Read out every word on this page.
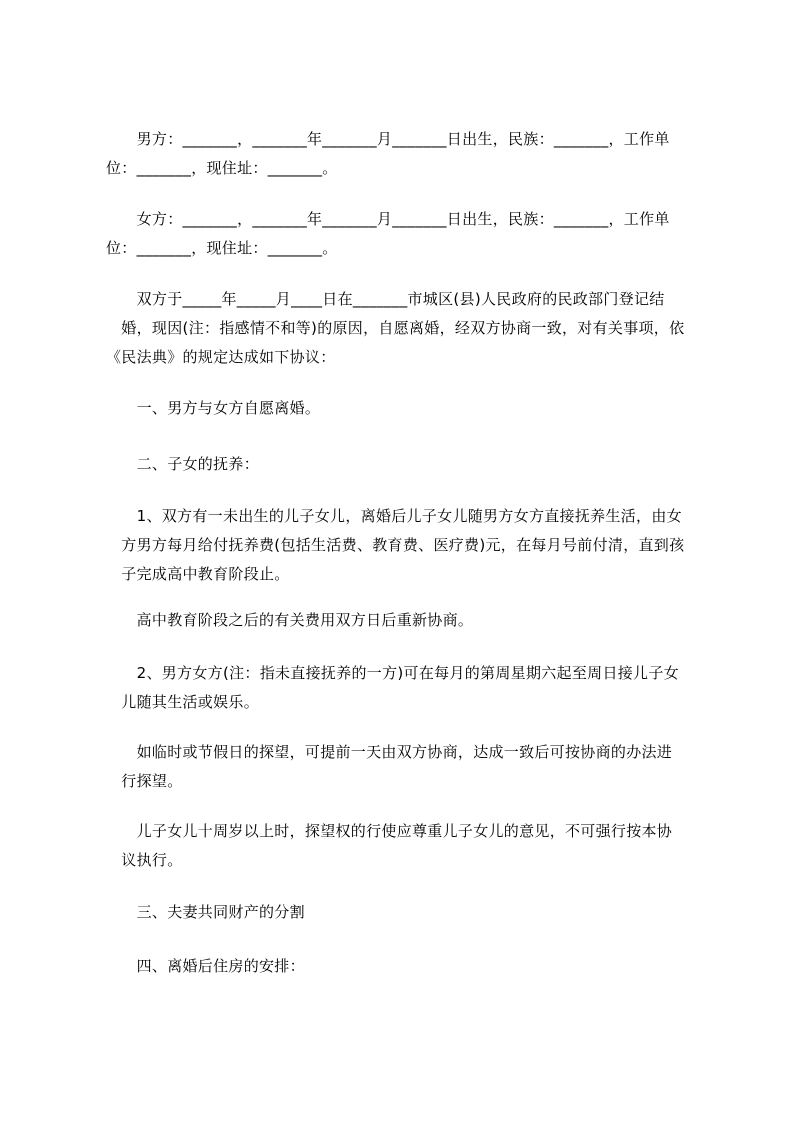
　　男方：_______，_______年_______月_______日出生，民族：_______，工作单
位：_______，现住址：_______。
　　女方：_______，_______年_______月_______日出生，民族：_______，工作单
位：_______，现住址：_______。
　　双方于_____年_____月____日在_______市城区(县)人民政府的民政部门登记结
　婚，现因(注：指感情不和等)的原因，自愿离婚，经双方协商一致，对有关事项，依
《民法典》的规定达成如下协议：
　　一、男方与女方自愿离婚。
　　二、子女的抚养：
　　1、双方有一未出生的儿子女儿，离婚后儿子女儿随男方女方直接抚养生活，由女
　方男方每月给付抚养费(包括生活费、教育费、医疗费)元，在每月号前付清，直到孩
　子完成高中教育阶段止。
　　高中教育阶段之后的有关费用双方日后重新协商。
　　2、男方女方(注：指未直接抚养的一方)可在每月的第周星期六起至周日接儿子女
　儿随其生活或娱乐。
　　如临时或节假日的探望，可提前一天由双方协商，达成一致后可按协商的办法进
　行探望。
　　儿子女儿十周岁以上时，探望权的行使应尊重儿子女儿的意见，不可强行按本协
　议执行。
　　三、夫妻共同财产的分割
　　四、离婚后住房的安排：
